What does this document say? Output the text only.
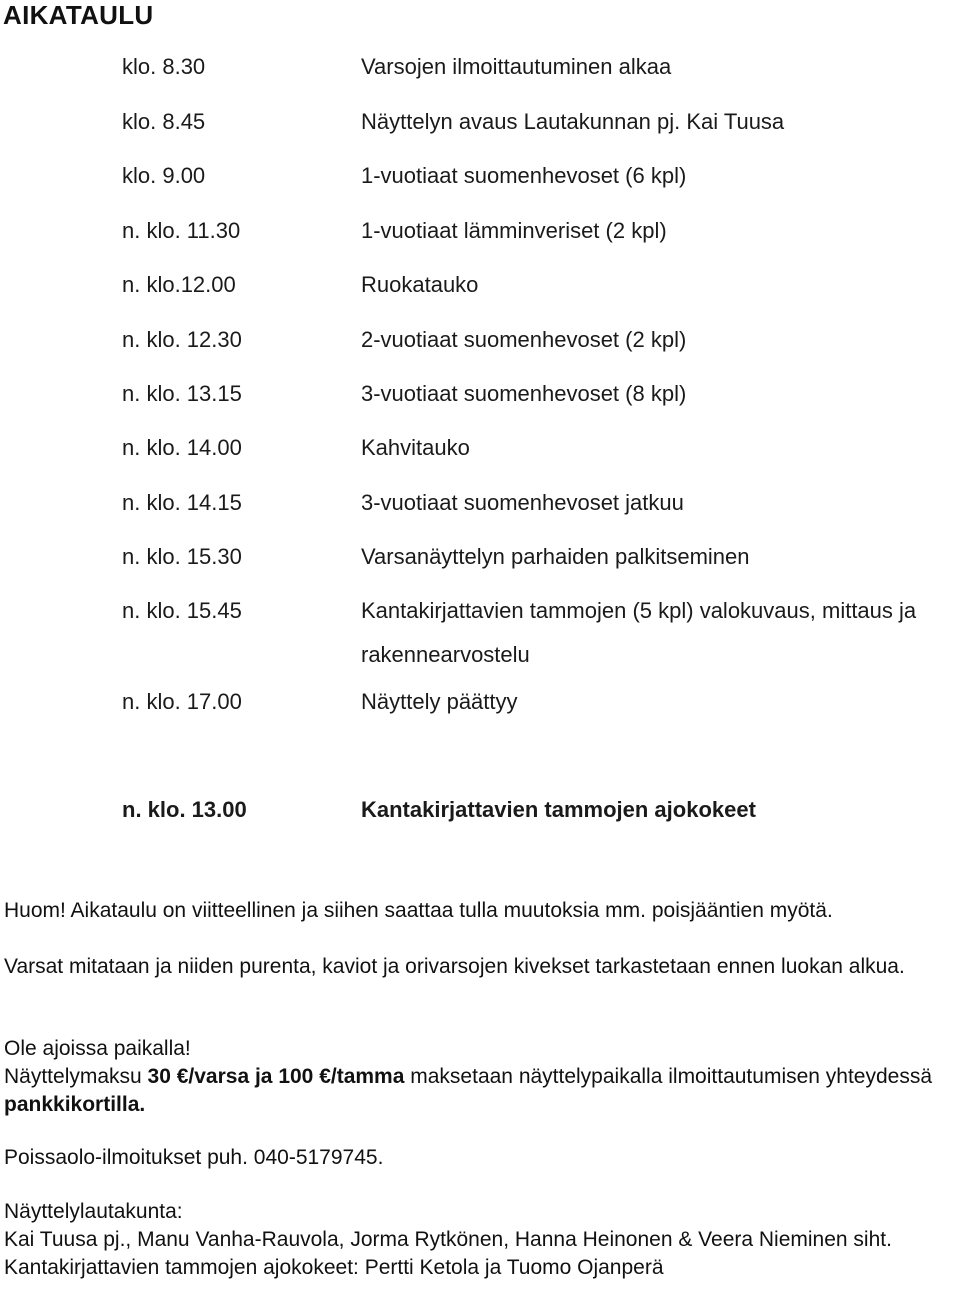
AIKATAULU
klo. 8.30	Varsojen ilmoittautuminen alkaa
klo. 8.45	Näyttelyn avaus Lautakunnan pj. Kai Tuusa
klo. 9.00	1-vuotiaat suomenhevoset (6 kpl)
n. klo. 11.30	1-vuotiaat lämminveriset (2 kpl)
n. klo.12.00	Ruokatauko
n. klo. 12.30	2-vuotiaat suomenhevoset (2 kpl)
n. klo. 13.15	3-vuotiaat suomenhevoset (8 kpl)
n. klo. 14.00	Kahvitauko
n. klo. 14.15	3-vuotiaat suomenhevoset jatkuu
n. klo. 15.30	Varsanäyttelyn parhaiden palkitseminen
n. klo. 15.45	Kantakirjattavien tammojen (5 kpl) valokuvaus, mittaus ja rakennearvostelu
n. klo. 17.00	Näyttely päättyy
n. klo. 13.00	Kantakirjattavien tammojen ajokokeet

Huom! Aikataulu on viitteellinen ja siihen saattaa tulla muutoksia mm. poisjääntien myötä.

Varsat mitataan ja niiden purenta, kaviot ja orivarsojen kivekset tarkastetaan ennen luokan alkua.

Ole ajoissa paikalla!

Näyttelymaksu 30 €/varsa ja 100 €/tamma maksetaan näyttelypaikalla ilmoittautumisen yhteydessä pankkikortilla.

Poissaolo-ilmoitukset puh. 040-5179745.

Näyttelylautakunta:

Kai Tuusa pj., Manu Vanha-Rauvola, Jorma Rytkönen, Hanna Heinonen & Veera Nieminen siht.

Kantakirjattavien tammojen ajokokeet: Pertti Ketola ja Tuomo Ojanperä
